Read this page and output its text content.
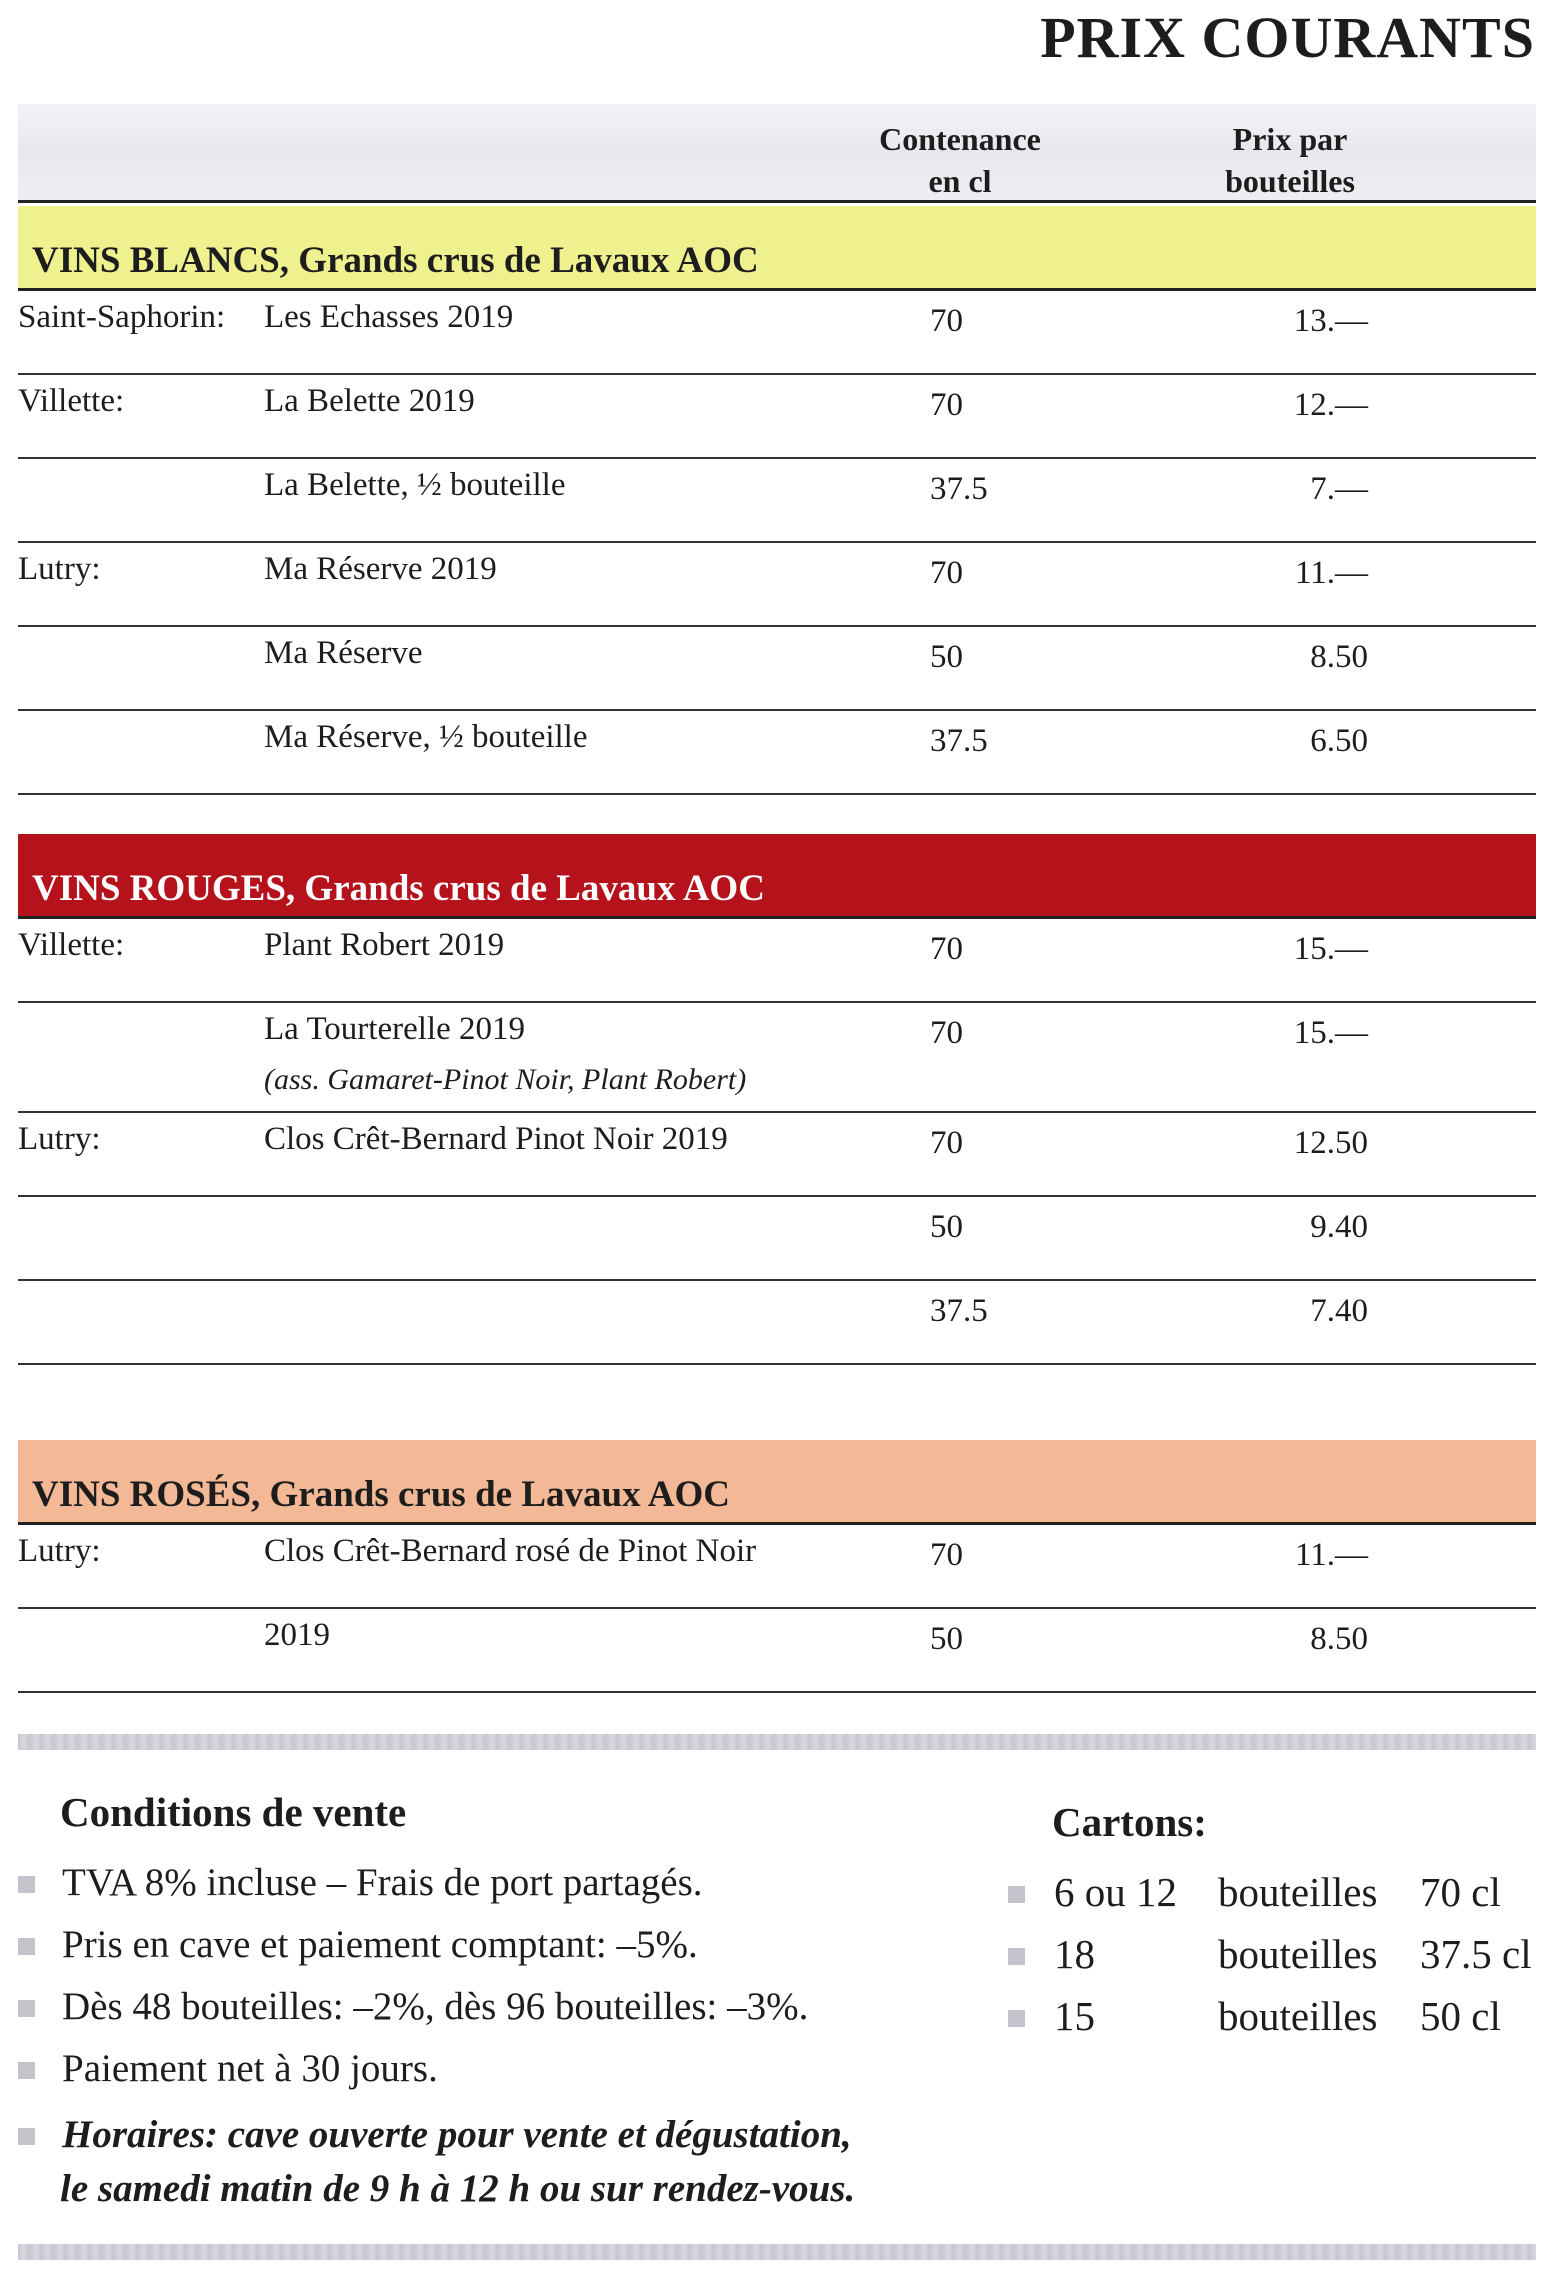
PRIX COURANTS
Contenance
en cl
Prix par
bouteilles
VINS BLANCS, Grands crus de Lavaux AOC
Saint-Saphorin: Les Echasses 2019	70	13.—
Villette:	La Belette 2019	70	12.—
La Belette, ½ bouteille	37.5	7.—
Lutry:	Ma Réserve 2019	70	11.—
Ma Réserve	50	8.50
Ma Réserve, ½ bouteille	37.5	6.50
VINS ROUGES, Grands crus de Lavaux AOC
Villette:	Plant Robert 2019	70	15.—
La Tourterelle 2019
(ass. Gamaret-Pinot Noir, Plant Robert)
70	15.—
Lutry:	Clos Crêt-Bernard Pinot Noir 2019	70	12.50
50	9.40
37.5	7.40
VINS ROSÉS, Grands crus de Lavaux AOC
Lutry:	Clos Crêt-Bernard rosé de Pinot Noir	70	11.—
2019	50	8.50
Conditions de vente
TVA 8% incluse – Frais de port partagés.
Pris en cave et paiement comptant: –5%.
Dès 48 bouteilles: –2%, dès 96 bouteilles: –3%.
Paiement net à 30 jours.
Horaires: cave ouverte pour vente et dégustation,
le samedi matin de 9 h à 12 h ou sur rendez-vous.
Cartons:
6 ou 12 bouteilles 70 cl
18	bouteilles 37.5 cl
15	bouteilles 50 cl
